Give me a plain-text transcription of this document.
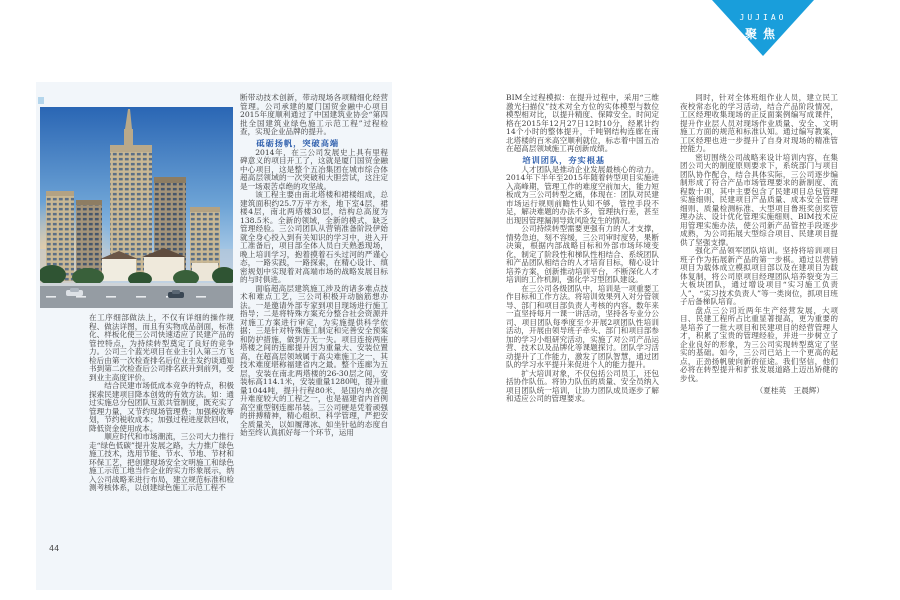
在工序细部做法上，不仅有详细的操作规程、做法详图，而且有实物成品剖面，标准化、样板化使三公司快速适应了民建产品的管控特点，为持续转型奠定了良好的竞争力。公司三个蓝光项目在业主引入第三方飞检后由第一次检查排名后位业主发约谈通知书到第二次检查后公司排名跃升到前列，受到业主高度评价。

结合民建市场低成本竞争的特点，积极探索民建项目降本创效的有效方法。如：通过实施总分包团队互派共管制度，既充实了管理力量，又节约现场管理费；加强税收筹划，节约税收成本；加强过程进度款回收，降低资金使用成本。

顺应时代和市场潮流，三公司大力推行走“绿色低碳”提升发展之路，大力推广绿色施工技术，选用节能、节水、节地、节材和环保工艺，把创建现场安全文明施工和绿色施工示范工地当作企业的实力形象展示，纳入公司战略来进行布局，建立规范标准和检测考核体系，以创建绿色施工示范工程不

断带动技术创新，带动现场各项精细化经营管理。公司承建的厦门国贸金融中心项目2015年度顺利通过了中国建筑业协会“第四批全国建筑业绿色施工示范工程”过程检查，实现企业品牌的提升。

砥砺扬帆，突破高端

2014年，在三公司发展史上具有里程碑意义的项目开工了，这就是厦门国贸金融中心项目，这是整个五冶集团在城市综合体超高层领域的一次突破和大胆尝试，这注定是一场艰苦卓绝的攻坚战。

该工程主要由南北塔楼和裙楼组成，总建筑面积约25.7万平方米，地下室4层，裙楼4层，南北两塔楼30层，结构总高度为138.5米。全新的领域，全新的模式，缺乏管理经验。三公司团队从营销准备阶段伊始就全身心投入到有关知识的学习中，进入开工准备后，项目部全体人员白天熟悉现场，晚上培训学习，抱着摸着石头过河的严谨心态，一路实践，一路探索，在精心设计、缜密规划中实现着对高端市场的战略发展目标的与时俱进。

面临超高层建筑施工涉及的诸多难点技术和难点工艺，三公司积极开动脑筋想办法。一是邀请外部专家到项目现场进行施工指导；二是将特殊方案充分整合社会资源并对施工方案进行审定，为实施提供科学依据；三是针对特殊施工制定和完善安全预案和防护措施，做到万无一失。项目连接两座塔楼之间的连廊提升因为重量大、安装位置高，在超高层领域属于高尖难施工之一，其技术难度堪称福建省内之最。整个连廊为五层，安装在南北两塔楼的26-30层之间，安装标高114.1米，安装重量1280吨，提升重量1044吨，提升行程80米，是国内单次提升难度较大的工程之一，也是福建省内首例高空重型钢连廊吊装。三公司硬是凭着顽强的拼搏精神，精心组织、科学管理，严把安全质量关，以如履薄冰、如坐针毡的态度自始至终认真抓好每一个环节，运用

44

BIM全过程模拟：在提升过程中，采用“三维激光扫描仪”技术对全方位的实体模型与数位模型相对比，以提升精度、保障安全。时间定格在2015年12月27日12时10分，经累计约14个小时的整体提升，千吨钢结构连廊在南北塔楼的百米高空顺利就位，标志着中国五冶在超高层领域施工再创新成绩。

培训团队，夯实根基

人才团队是推动企业发展最核心的动力。2014年下半年至2015年随着转型项目实施进入高峰期，管理工作的难度空前加大，能力短板成为三公司转型之痛，体现在：团队对民建市场运行规则前瞻性认知不够，管控手段不足，解决难题的办法不多，管理执行差，甚至出现因管理漏洞导致风险发生的情况。

公司持续转型需要更强有力的人才支撑，情势急迫，刻不容缓，三公司审时度势，果断决策，根据内部战略目标和外部市场环境变化，制定了阶段性和梯队性相结合、系统团队和产品团队相结合的人才培育目标，精心设计培养方案，创新推动培训平台，不断深化人才培训的工作机制，强化学习型团队建设。

在三公司各级团队中，培训是一项重要工作目标和工作方法。将培训效果列入对分管领导、部门和项目部负责人考核的内容。数年来一直坚持每月一课一讲活动，坚持各专业分公司、项目团队每季度至少开展2项团队性培训活动，开展由领导班子牵头、部门和项目部参加的学习小组研究活动，实施了对公司产品运营、技术以及品牌化等课题探讨。团队学习活动提升了工作能力，激发了团队智慧，通过团队的学习水平提升来促进个人的能力提升。

扩大培训对象，不仅包括公司员工，还包括协作队伍。将协力队伍的质量、安全员纳入项目团队统一培训，让协力团队成员逐步了解和适应公司的管理要求。

同时，针对全体班组作业人员，建立民工夜校常态化的学习活动，结合产品阶段情况，工区经理收集现场的正反面案例编写成课件，提升作业层人员对现场作业质量、安全、文明施工方面的规范和标准认知。通过编写教案，工区经理也进一步提升了自身对现场的精准管控能力。

密切围绕公司战略来设计培训内容，在集团公司大的制度原则要求下，系统部门与项目团队协作配合，结合具体实际，三公司逐步编制形成了符合产品市场管理要求的新制度、流程数十项，其中主要包含了民建项目总包管理实施细则、民建项目产品质量、成本安全管理细则、质量检测标准、大型项目鲁班奖创奖管理办法、设计优化管理实施细则、BIM技术应用管理实施办法，使公司新产品管控手段逐步成熟，为公司拓展大型综合项目、民建项目提供了坚强支撑。

强化产品领军团队培训。坚持将培训项目班子作为拓展新产品的第一步棋。通过以营销项目为载体成立模拟项目部以及在建项目为载体复制，将公司原项目经理团队培养裂变为三大板块团队，通过增设项目“实习施工负责人”、“实习技术负责人”等一类岗位，抓项目班子后备梯队培育。

盘点三公司近两年生产经营发展，大项目、民建工程所占比重显著提高，更为重要的是培养了一批大项目和民建项目的经营管理人才，积累了宝贵的管理经验，并进一步树立了企业良好的形象，为三公司实现转型奠定了坚实的基础。如今，三公司已站上一个更高的起点，正劲扬帆驶向新的征途。我们坚信，他们必将在转型提升和扩张发展道路上迈出矫健的步伐。

（夏桂英　王晨辉）

JUJIAO
聚焦
